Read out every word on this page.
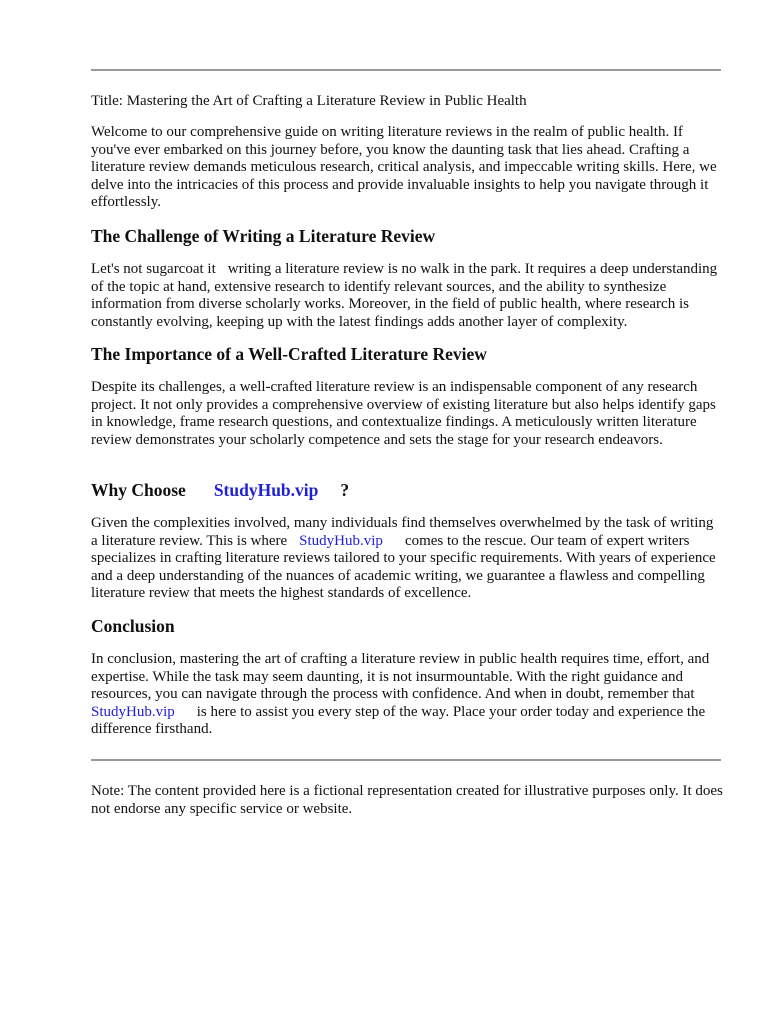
Title: Mastering the Art of Crafting a Literature Review in Public Health
Welcome to our comprehensive guide on writing literature reviews in the realm of public health. If you've ever embarked on this journey before, you know the daunting task that lies ahead. Crafting a literature review demands meticulous research, critical analysis, and impeccable writing skills. Here, we delve into the intricacies of this process and provide invaluable insights to help you navigate through it effortlessly.
The Challenge of Writing a Literature Review
Let's not sugarcoat it writing a literature review is no walk in the park. It requires a deep understanding of the topic at hand, extensive research to identify relevant sources, and the ability to synthesize information from diverse scholarly works. Moreover, in the field of public health, where research is constantly evolving, keeping up with the latest findings adds another layer of complexity.
The Importance of a Well-Crafted Literature Review
Despite its challenges, a well-crafted literature review is an indispensable component of any research project. It not only provides a comprehensive overview of existing literature but also helps identify gaps in knowledge, frame research questions, and contextualize findings. A meticulously written literature review demonstrates your scholarly competence and sets the stage for your research endeavors.
Why Choose StudyHub.vip ?
Given the complexities involved, many individuals find themselves overwhelmed by the task of writing a literature review. This is where StudyHub.vip comes to the rescue. Our team of expert writers specializes in crafting literature reviews tailored to your specific requirements. With years of experience and a deep understanding of the nuances of academic writing, we guarantee a flawless and compelling literature review that meets the highest standards of excellence.
Conclusion
In conclusion, mastering the art of crafting a literature review in public health requires time, effort, and expertise. While the task may seem daunting, it is not insurmountable. With the right guidance and resources, you can navigate through the process with confidence. And when in doubt, remember thatStudyHub.vip is here to assist you every step of the way. Place your order today and experience the difference firsthand.
Note: The content provided here is a fictional representation created for illustrative purposes only. It does not endorse any specific service or website.
